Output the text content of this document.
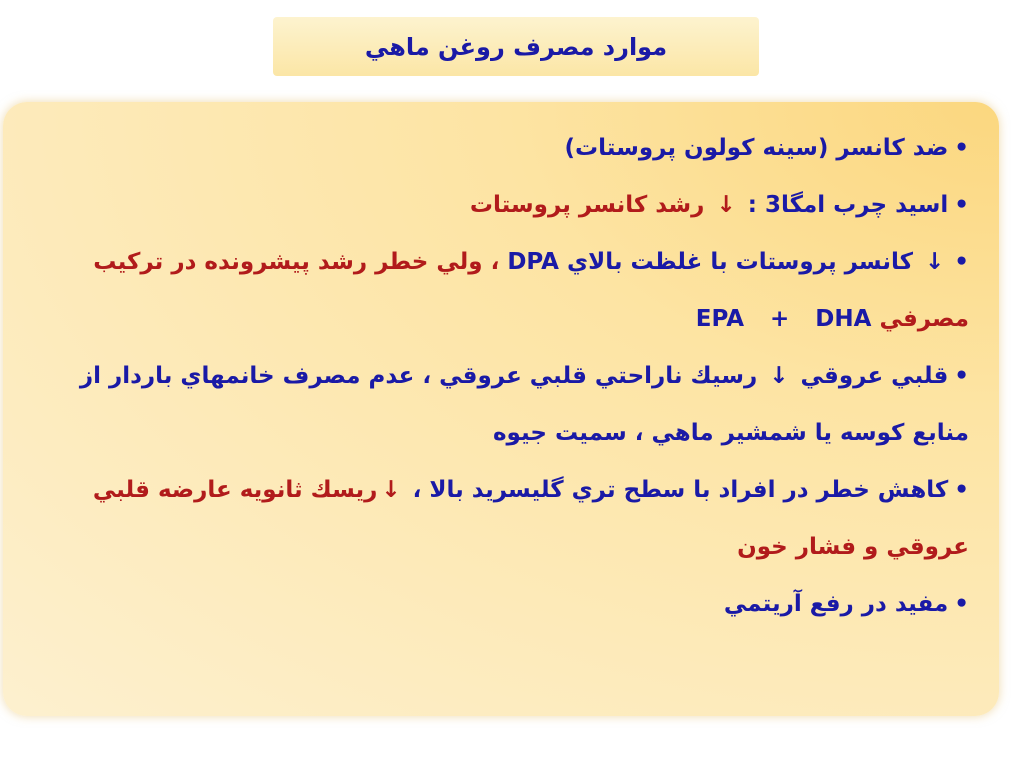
موارد مصرف روغن ماهي
•ضد كانسر (سينه كولون پروستات)
•اسيد چرب امگا3 : ↓ رشد كانسر پروستات
•↓ كانسر پروستات با غلظت بالاي DPA ، ولي خطر رشد پيشرونده در تركيب مصرفي EPA + DHA
•قلبي عروقي ↓ رسيك ناراحتي قلبي عروقي ، عدم مصرف خانمهاي باردار از منابع كوسه يا شمشير ماهي ، سميت جيوه
•كاهش خطر در افراد با سطح تري گليسريد بالا ، ↓ريسك ثانويه عارضه قلبي عروقي و فشار خون
•مفيد در رفع آريتمي
